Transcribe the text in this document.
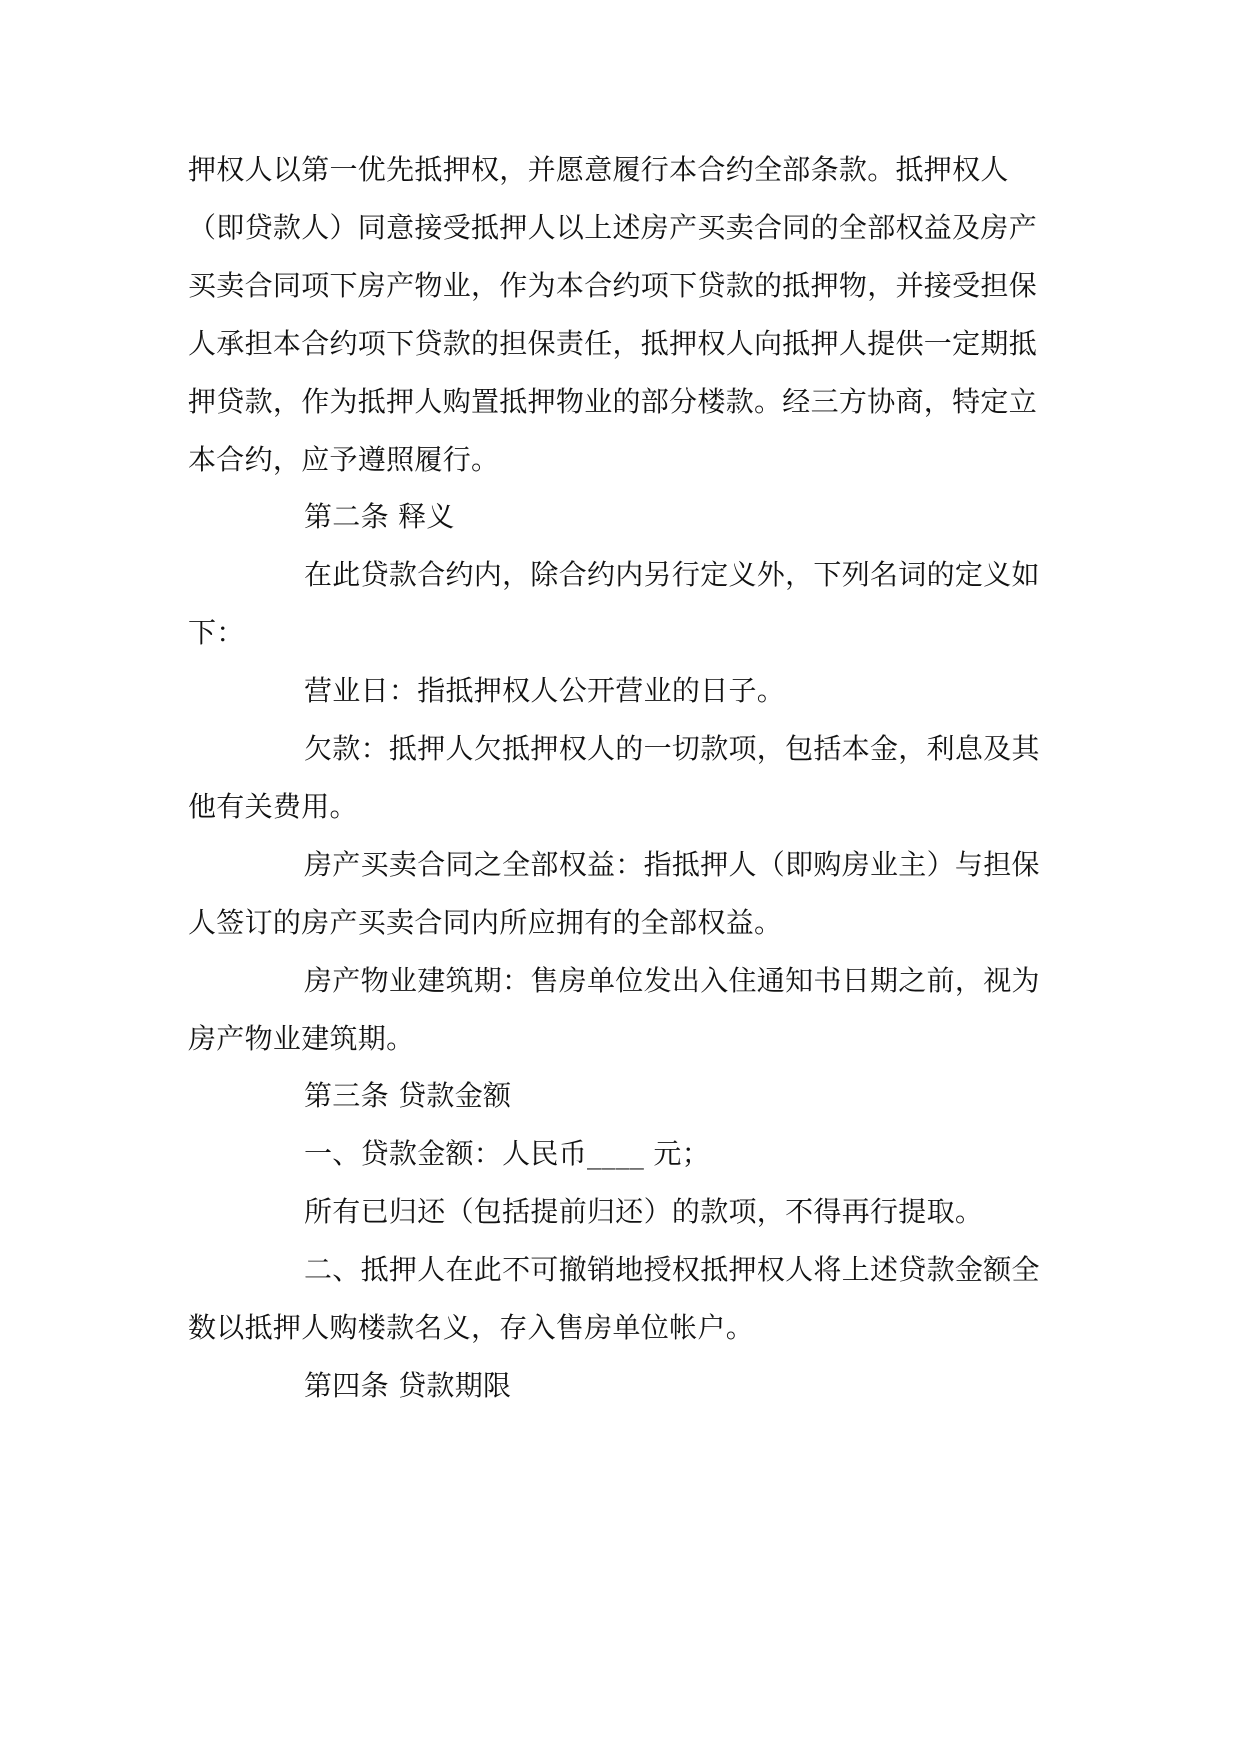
押权人以第一优先抵押权，并愿意履行本合约全部条款。抵押权人
（即贷款人）同意接受抵押人以上述房产买卖合同的全部权益及房产
买卖合同项下房产物业，作为本合约项下贷款的抵押物，并接受担保
人承担本合约项下贷款的担保责任，抵押权人向抵押人提供一定期抵
押贷款，作为抵押人购置抵押物业的部分楼款。经三方协商，特定立
本合约，应予遵照履行。
第二条 释义
在此贷款合约内，除合约内另行定义外，下列名词的定义如
下：
营业日：指抵押权人公开营业的日子。
欠款：抵押人欠抵押权人的一切款项，包括本金，利息及其
他有关费用。
房产买卖合同之全部权益：指抵押人（即购房业主）与担保
人签订的房产买卖合同内所应拥有的全部权益。
房产物业建筑期：售房单位发出入住通知书日期之前，视为
房产物业建筑期。
第三条 贷款金额
一、贷款金额：人民币____ 元；
所有已归还（包括提前归还）的款项，不得再行提取。
二、抵押人在此不可撤销地授权抵押权人将上述贷款金额全
数以抵押人购楼款名义，存入售房单位帐户。
第四条 贷款期限
